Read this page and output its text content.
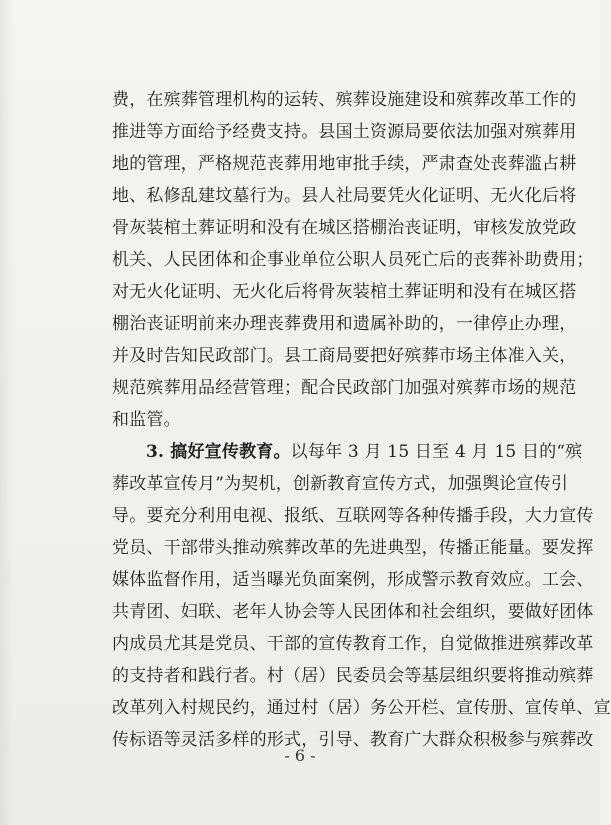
费，在殡葬管理机构的运转、殡葬设施建设和殡葬改革工作的
推进等方面给予经费支持。县国土资源局要依法加强对殡葬用
地的管理，严格规范丧葬用地审批手续，严肃查处丧葬滥占耕
地、私修乱建坟墓行为。县人社局要凭火化证明、无火化后将
骨灰装棺土葬证明和没有在城区搭棚治丧证明，审核发放党政
机关、人民团体和企事业单位公职人员死亡后的丧葬补助费用；
对无火化证明、无火化后将骨灰装棺土葬证明和没有在城区搭
棚治丧证明前来办理丧葬费用和遗属补助的，一律停止办理，
并及时告知民政部门。县工商局要把好殡葬市场主体准入关，
规范殡葬用品经营管理；配合民政部门加强对殡葬市场的规范
和监管。
3. 搞好宣传教育。以每年 3 月 15 日至 4 月 15 日的“殡
葬改革宣传月”为契机，创新教育宣传方式，加强舆论宣传引
导。要充分利用电视、报纸、互联网等各种传播手段，大力宣传
党员、干部带头推动殡葬改革的先进典型，传播正能量。要发挥
媒体监督作用，适当曝光负面案例，形成警示教育效应。工会、
共青团、妇联、老年人协会等人民团体和社会组织，要做好团体
内成员尤其是党员、干部的宣传教育工作，自觉做推进殡葬改革
的支持者和践行者。村（居）民委员会等基层组织要将推动殡葬
改革列入村规民约，通过村（居）务公开栏、宣传册、宣传单、宣
传标语等灵活多样的形式，引导、教育广大群众积极参与殡葬改
- 6 -
